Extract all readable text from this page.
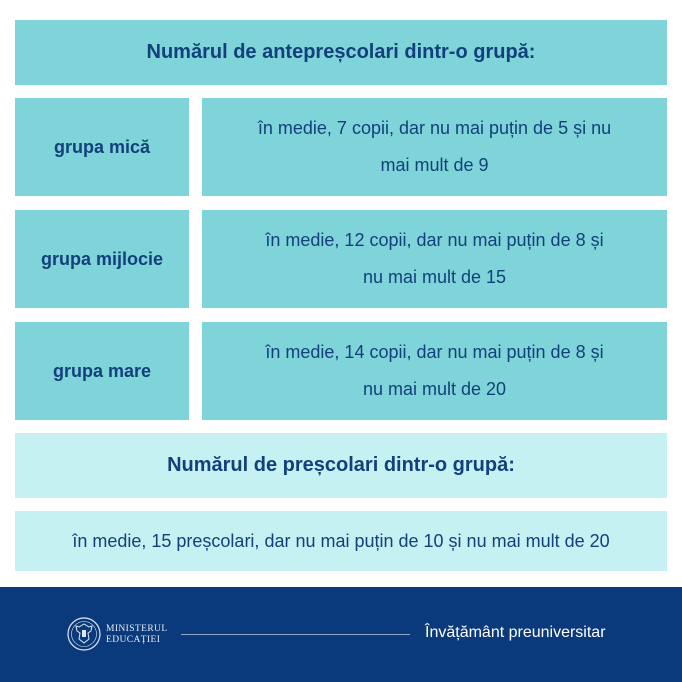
Numărul de antepreșcolari dintr-o grupă:
grupa mică
în medie, 7 copii, dar nu mai puțin de 5 și nu
mai mult de 9
grupa mijlocie
în medie, 12 copii, dar nu mai puțin de 8 și
nu mai mult de 15
grupa mare
în medie, 14 copii, dar nu mai puțin de 8 și
nu mai mult de 20
Numărul de preșcolari dintr-o grupă:
în medie, 15 preșcolari, dar nu mai puțin de 10 și nu mai mult de 20
MINISTERUL
EDUCAȚIEI	Învățământ preuniversitar
